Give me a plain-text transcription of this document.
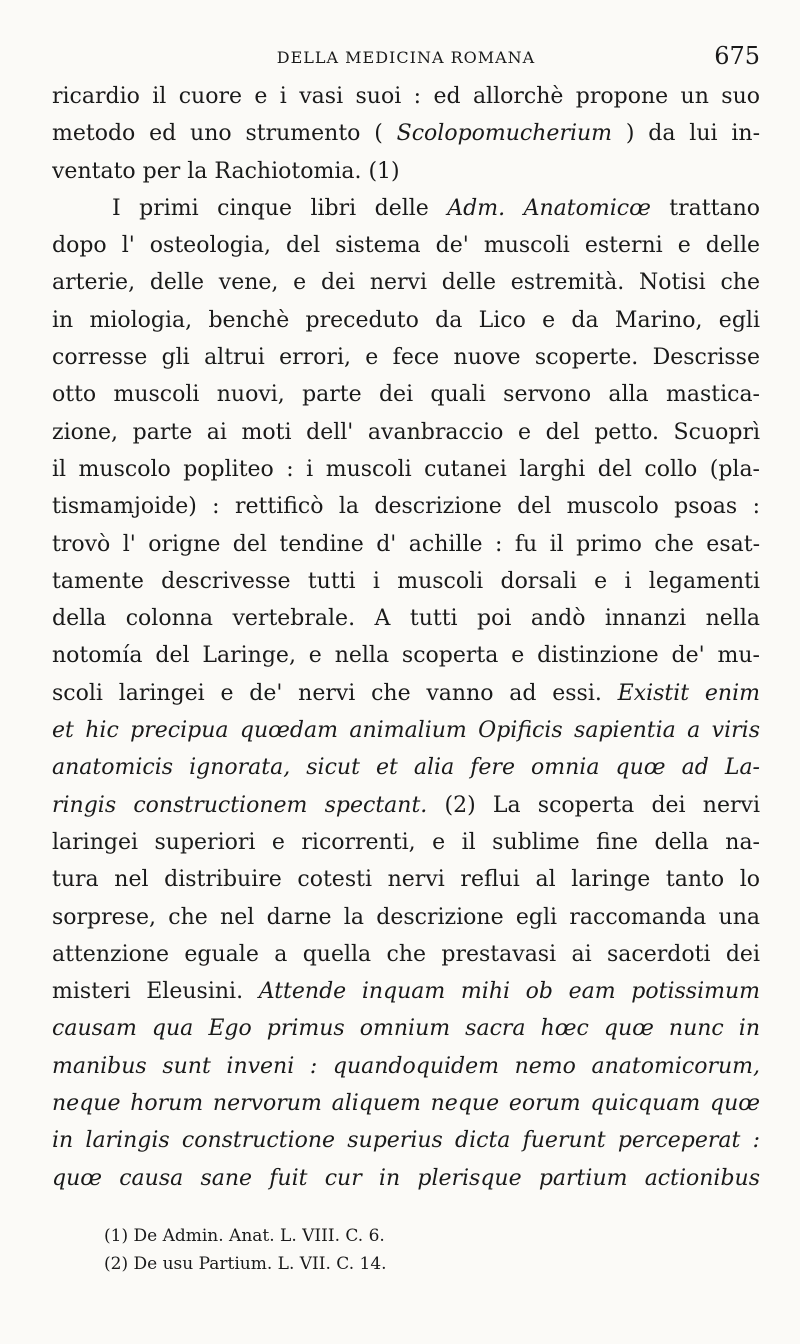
DELLA MEDICINA ROMANA	675
ricardio il cuore e i vasi suoi : ed allorchè propone un suo
metodo ed uno strumento ( Scolopomucherium ) da lui in-
ventato per la Rachiotomia. (1)
I primi cinque libri delle Adm. Anatomicœ trattano
dopo l' osteologia, del sistema de' muscoli esterni e delle
arterie, delle vene, e dei nervi delle estremità. Notisi che
in miologia, benchè preceduto da Lico e da Marino, egli
corresse gli altrui errori, e fece nuove scoperte. Descrisse
otto muscoli nuovi, parte dei quali servono alla mastica-
zione, parte ai moti dell' avanbraccio e del petto. Scuoprì
il muscolo popliteo : i muscoli cutanei larghi del collo (pla-
tismamjoide) : rettificò la descrizione del muscolo psoas :
trovò l' origne del tendine d' achille : fu il primo che esat-
tamente descrivesse tutti i muscoli dorsali e i legamenti
della colonna vertebrale. A tutti poi andò innanzi nella
notomía del Laringe, e nella scoperta e distinzione de' mu-
scoli laringei e de' nervi che vanno ad essi. Existit enim
et hic precipua quœdam animalium Opificis sapientia a viris
anatomicis ignorata, sicut et alia fere omnia quœ ad La-
ringis constructionem spectant. (2) La scoperta dei nervi
laringei superiori e ricorrenti, e il sublime fine della na-
tura nel distribuire cotesti nervi reflui al laringe tanto lo
sorprese, che nel darne la descrizione egli raccomanda una
attenzione eguale a quella che prestavasi ai sacerdoti dei
misteri Eleusini. Attende inquam mihi ob eam potissimum
causam qua Ego primus omnium sacra hœc quœ nunc in
manibus sunt inveni : quandoquidem nemo anatomicorum,
neque horum nervorum aliquem neque eorum quicquam quœ
in laringis constructione superius dicta fuerunt perceperat :
quœ causa sane fuit cur in plerisque partium actionibus
(1) De Admin. Anat. L. VIII. C. 6.
(2) De usu Partium. L. VII. C. 14.
